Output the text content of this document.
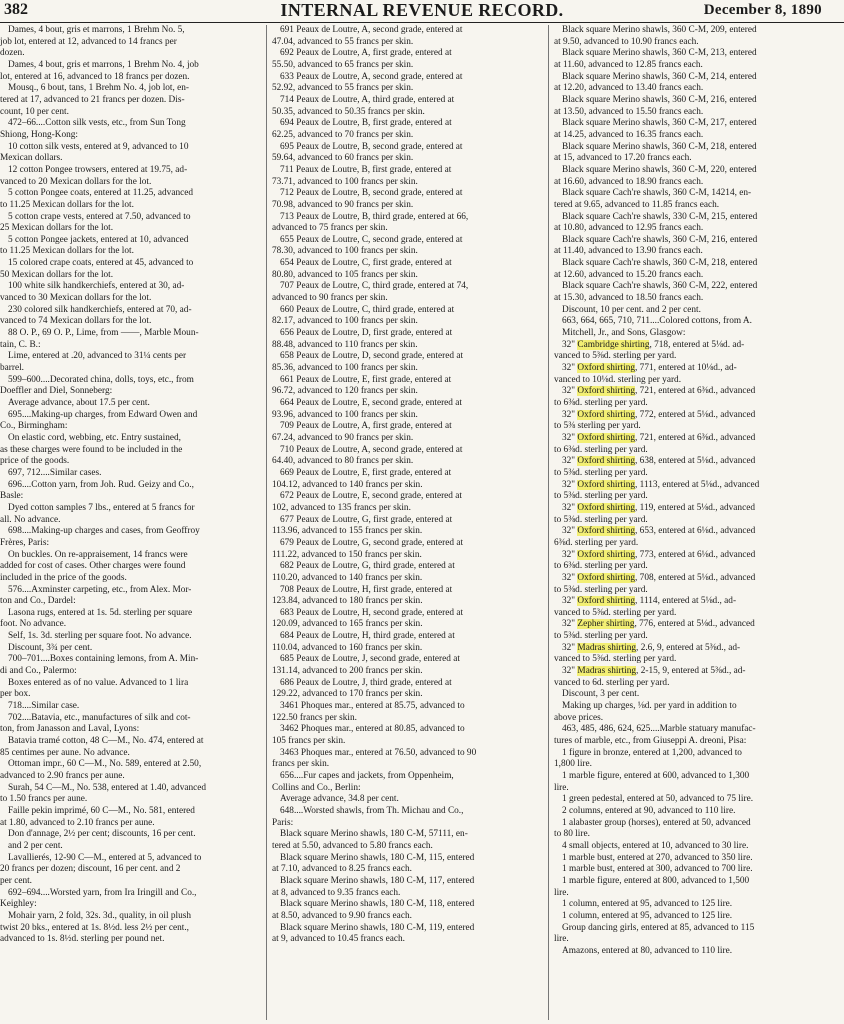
382	INTERNAL REVENUE RECORD.	December 8, 1890
Dames, 4 bout, gris et marrons, 1 Brehm No. 5,
job lot, entered at 12, advanced to 14 francs per
dozen.
Dames, 4 bout, gris et marrons, 1 Brehm No. 4, job
lot, entered at 16, advanced to 18 francs per dozen.
Mousq., 6 bout, tans, 1 Brehm No. 4, job lot, en-
tered at 17, advanced to 21 francs per dozen. Dis-
count, 10 per cent.
472–66....Cotton silk vests, etc., from Sun Tong
Shiong, Hong-Kong:
10 cotton silk vests, entered at 9, advanced to 10
Mexican dollars.
12 cotton Pongee trowsers, entered at 19.75, ad-
vanced to 20 Mexican dollars for the lot.
5 cotton Pongee coats, entered at 11.25, advanced
to 11.25 Mexican dollars for the lot.
5 cotton crape vests, entered at 7.50, advanced to
25 Mexican dollars for the lot.
5 cotton Pongee jackets, entered at 10, advanced
to 11.25 Mexican dollars for the lot.
15 colored crape coats, entered at 45, advanced to
50 Mexican dollars for the lot.
100 white silk handkerchiefs, entered at 30, ad-
vanced to 30 Mexican dollars for the lot.
230 colored silk handkerchiefs, entered at 70, ad-
vanced to 74 Mexican dollars for the lot.
88 O. P., 69 O. P., Lime, from ——, Marble Moun-
tain, C. B.:
Lime, entered at .20, advanced to 31¼ cents per
barrel.
599–600....Decorated china, dolls, toys, etc., from
Doeffler and Diel, Sonneberg:
Average advance, about 17.5 per cent.
695....Making-up charges, from Edward Owen and
Co., Birmingham:
On elastic cord, webbing, etc. Entry sustained,
as these charges were found to be included in the
price of the goods.
697, 712....Similar cases.
696....Cotton yarn, from Joh. Rud. Geizy and Co.,
Basle:
Dyed cotton samples 7 lbs., entered at 5 francs for
all. No advance.
698....Making-up charges and cases, from Geoffroy
Frères, Paris:
On buckles. On re-appraisement, 14 francs were
added for cost of cases. Other charges were found
included in the price of the goods.
576....Axminster carpeting, etc., from Alex. Mor-
ton and Co., Dardel:
Lasona rugs, entered at 1s. 5d. sterling per square
foot. No advance.
Self, 1s. 3d. sterling per square foot. No advance.
Discount, 3¾ per cent.
700–701....Boxes containing lemons, from A. Min-
di and Co., Palermo:
Boxes entered as of no value. Advanced to 1 lira
per box.
718....Similar case.
702....Batavia, etc., manufactures of silk and cot-
ton, from Janasson and Laval, Lyons:
Batavia tramé cotton, 48 C—M., No. 474, entered at
85 centimes per aune. No advance.
Ottoman impr., 60 C—M., No. 589, entered at 2.50,
advanced to 2.90 francs per aune.
Surah, 54 C—M., No. 538, entered at 1.40, advanced
to 1.50 francs per aune.
Faille pekin imprimé, 60 C—M., No. 581, entered
at 1.80, advanced to 2.10 francs per aune.
Don d'annage, 2½ per cent; discounts, 16 per cent.
and 2 per cent.
Lavallierés, 12-90 C—M., entered at 5, advanced to
20 francs per dozen; discount, 16 per cent. and 2
per cent.
692–694....Worsted yarn, from Ira Iringill and Co.,
Keighley:
Mohair yarn, 2 fold, 32s. 3d., quality, in oil plush
twist 20 bks., entered at 1s. 8½d. less 2½ per cent.,
advanced to 1s. 8½d. sterling per pound net.
691 Peaux de Loutre, A, second grade, entered at
47.04, advanced to 55 francs per skin.
692 Peaux de Loutre, A, first grade, entered at
55.50, advanced to 65 francs per skin.
633 Peaux de Loutre, A, second grade, entered at
52.92, advanced to 55 francs per skin.
714 Peaux de Loutre, A, third grade, entered at
50.35, advanced to 50.35 francs per skin.
694 Peaux de Loutre, B, first grade, entered at
62.25, advanced to 70 francs per skin.
695 Peaux de Loutre, B, second grade, entered at
59.64, advanced to 60 francs per skin.
711 Peaux de Loutre, B, first grade, entered at
73.71, advanced to 100 francs per skin.
712 Peaux de Loutre, B, second grade, entered at
70.98, advanced to 90 francs per skin.
713 Peaux de Loutre, B, third grade, entered at 66,
advanced to 75 francs per skin.
655 Peaux de Loutre, C, second grade, entered at
78.30, advanced to 100 francs per skin.
654 Peaux de Loutre, C, first grade, entered at
80.80, advanced to 105 francs per skin.
707 Peaux de Loutre, C, third grade, entered at 74,
advanced to 90 francs per skin.
660 Peaux de Loutre, C, third grade, entered at
82.17, advanced to 100 francs per skin.
656 Peaux de Loutre, D, first grade, entered at
88.48, advanced to 110 francs per skin.
658 Peaux de Loutre, D, second grade, entered at
85.36, advanced to 100 francs per skin.
661 Peaux de Loutre, E, first grade, entered at
96.72, advanced to 120 francs per skin.
664 Peaux de Loutre, E, second grade, entered at
93.96, advanced to 100 francs per skin.
709 Peaux de Loutre, A, first grade, entered at
67.24, advanced to 90 francs per skin.
710 Peaux de Loutre, A, second grade, entered at
64.40, advanced to 80 francs per skin.
669 Peaux de Loutre, E, first grade, entered at
104.12, advanced to 140 francs per skin.
672 Peaux de Loutre, E, second grade, entered at
102, advanced to 135 francs per skin.
677 Peaux de Loutre, G, first grade, entered at
113.96, advanced to 155 francs per skin.
679 Peaux de Loutre, G, second grade, entered at
111.22, advanced to 150 francs per skin.
682 Peaux de Loutre, G, third grade, entered at
110.20, advanced to 140 francs per skin.
708 Peaux de Loutre, H, first grade, entered at
123.84, advanced to 180 francs per skin.
683 Peaux de Loutre, H, second grade, entered at
120.09, advanced to 165 francs per skin.
684 Peaux de Loutre, H, third grade, entered at
110.04, advanced to 160 francs per skin.
685 Peaux de Loutre, J, second grade, entered at
131.14, advanced to 200 francs per skin.
686 Peaux de Loutre, J, third grade, entered at
129.22, advanced to 170 francs per skin.
3461 Phoques mar., entered at 85.75, advanced to
122.50 francs per skin.
3462 Phoques mar., entered at 80.85, advanced to
105 francs per skin.
3463 Phoques mar., entered at 76.50, advanced to 90
francs per skin.
656....Fur capes and jackets, from Oppenheim,
Collins and Co., Berlin:
Average advance, 34.8 per cent.
648....Worsted shawls, from Th. Michau and Co.,
Paris:
Black square Merino shawls, 180 C-M, 57111, en-
tered at 5.50, advanced to 5.80 francs each.
Black square Merino shawls, 180 C-M, 115, entered
at 7.10, advanced to 8.25 francs each.
Black square Merino shawls, 180 C-M, 117, entered
at 8, advanced to 9.35 francs each.
Black square Merino shawls, 180 C-M, 118, entered
at 8.50, advanced to 9.90 francs each.
Black square Merino shawls, 180 C-M, 119, entered
at 9, advanced to 10.45 francs each.
Black square Merino shawls, 360 C-M, 209, entered
at 9.50, advanced to 10.90 francs each.
Black square Merino shawls, 360 C-M, 213, entered
at 11.60, advanced to 12.85 francs each.
Black square Merino shawls, 360 C-M, 214, entered
at 12.20, advanced to 13.40 francs each.
Black square Merino shawls, 360 C-M, 216, entered
at 13.50, advanced to 15.50 francs each.
Black square Merino shawls, 360 C-M, 217, entered
at 14.25, advanced to 16.35 francs each.
Black square Merino shawls, 360 C-M, 218, entered
at 15, advanced to 17.20 francs each.
Black square Merino shawls, 360 C-M, 220, entered
at 16.60, advanced to 18.90 francs each.
Black square Cach're shawls, 360 C-M, 14214, en-
tered at 9.65, advanced to 11.85 francs each.
Black square Cach're shawls, 330 C-M, 215, entered
at 10.80, advanced to 12.95 francs each.
Black square Cach're shawls, 360 C-M, 216, entered
at 11.40, advanced to 13.90 francs each.
Black square Cach're shawls, 360 C-M, 218, entered
at 12.60, advanced to 15.20 francs each.
Black square Cach're shawls, 360 C-M, 222, entered
at 15.30, advanced to 18.50 francs each.
Discount, 10 per cent. and 2 per cent.
663, 664, 665, 710, 711....Colored cottons, from A.
Mitchell, Jr., and Sons, Glasgow:
32" Cambridge shirting, 718, entered at 5⅛d. ad-
vanced to 5⅜d. sterling per yard.
32" Oxford shirting, 771, entered at 10⅛d., ad-
vanced to 10⅛d. sterling per yard.
32" Oxford shirting, 721, entered at 6⅜d., advanced
to 6⅜d. sterling per yard.
32" Oxford shirting, 772, entered at 5⅛d., advanced
to 5⅜ sterling per yard.
32" Oxford shirting, 721, entered at 6⅜d., advanced
to 6⅜d. sterling per yard.
32" Oxford shirting, 638, entered at 5⅛d., advanced
to 5⅜d. sterling per yard.
32" Oxford shirting, 1113, entered at 5⅛d., advanced
to 5⅜d. sterling per yard.
32" Oxford shirting, 119, entered at 5⅛d., advanced
to 5⅜d. sterling per yard.
32" Oxford shirting, 653, entered at 6⅛d., advanced
6⅜d. sterling per yard.
32" Oxford shirting, 773, entered at 6⅛d., advanced
to 6⅜d. sterling per yard.
32" Oxford shirting, 708, entered at 5⅛d., advanced
to 5⅜d. sterling per yard.
32" Oxford shirting, 1114, entered at 5⅛d., ad-
vanced to 5⅜d. sterling per yard.
32" Zepher shirting, 776, entered at 5⅛d., advanced
to 5⅜d. sterling per yard.
32" Madras shirting, 2.6, 9, entered at 5⅜d., ad-
vanced to 5⅜d. sterling per yard.
32" Madras shirting, 2-15, 9, entered at 5⅜d., ad-
vanced to 6d. sterling per yard.
Discount, 3 per cent.
Making up charges, ⅛d. per yard in addition to
above prices.
463, 485, 486, 624, 625....Marble statuary manufac-
tures of marble, etc., from Giuseppi A. dreoni, Pisa:
1 figure in bronze, entered at 1,200, advanced to
1,800 lire.
1 marble figure, entered at 600, advanced to 1,300
lire.
1 green pedestal, entered at 50, advanced to 75 lire.
2 columns, entered at 90, advanced to 110 lire.
1 alabaster group (horses), entered at 50, advanced
to 80 lire.
4 small objects, entered at 10, advanced to 30 lire.
1 marble bust, entered at 270, advanced to 350 lire.
1 marble bust, entered at 300, advanced to 700 lire.
1 marble figure, entered at 800, advanced to 1,500
lire.
1 column, entered at 95, advanced to 125 lire.
1 column, entered at 95, advanced to 125 lire.
Group dancing girls, entered at 85, advanced to 115
lire.
Amazons, entered at 80, advanced to 110 lire.
